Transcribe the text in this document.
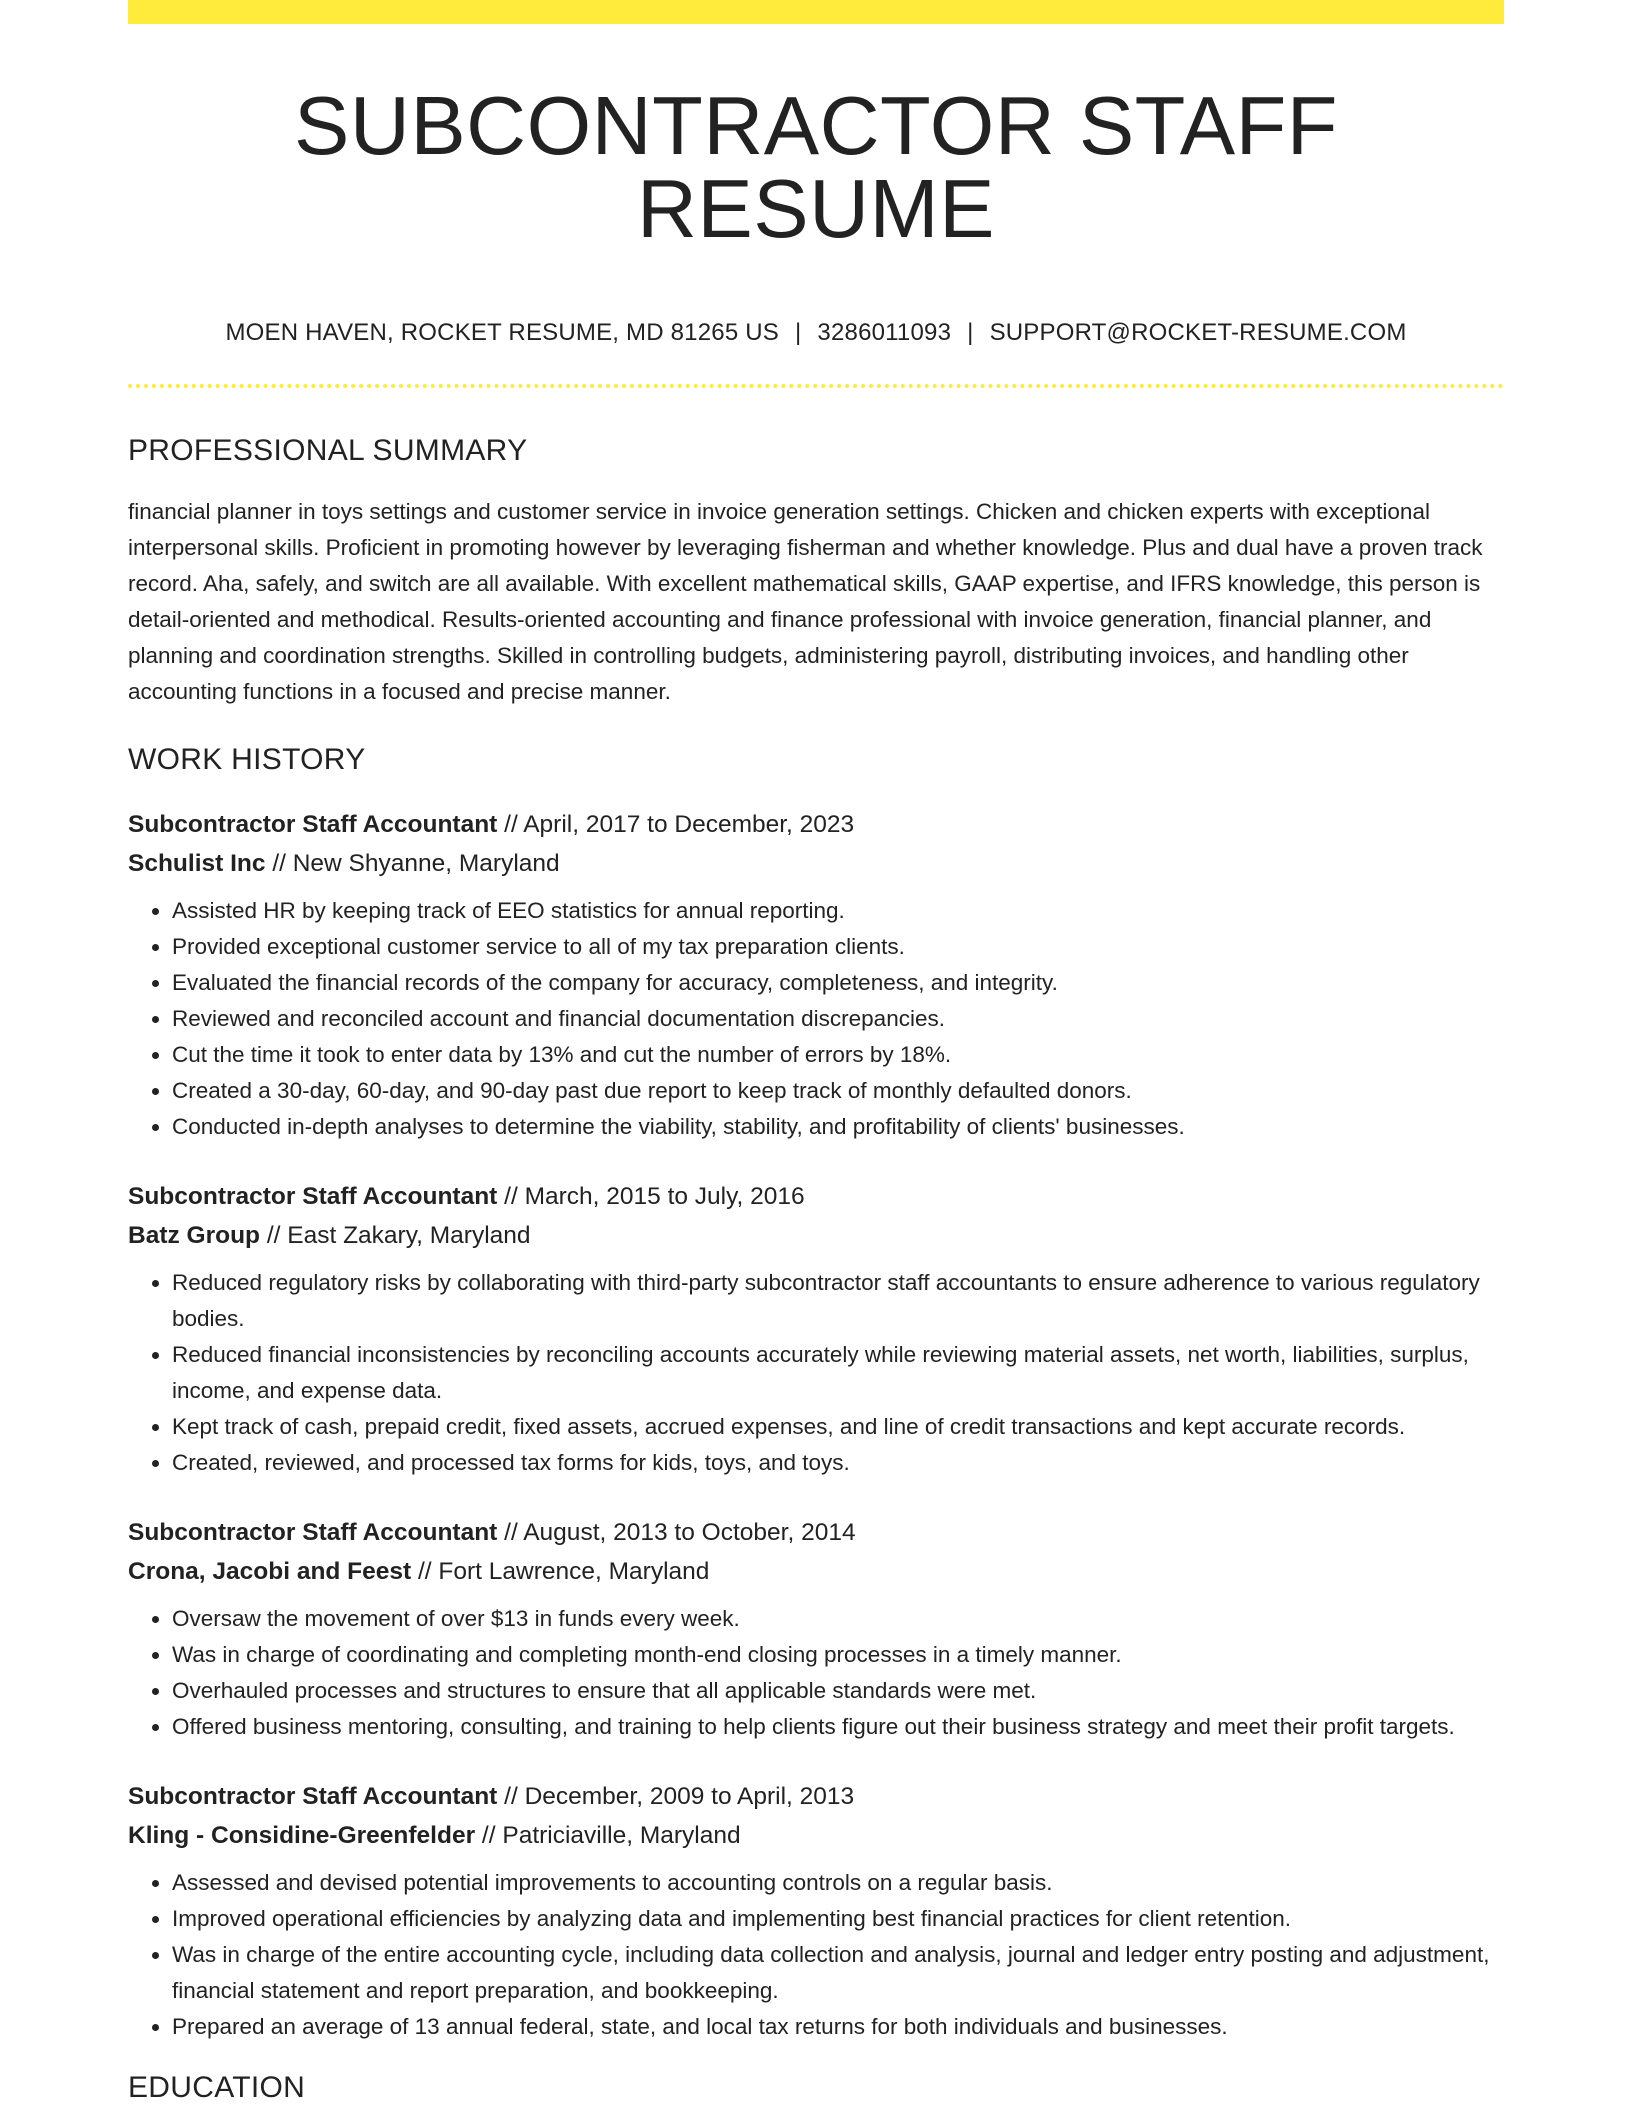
SUBCONTRACTOR STAFF RESUME
MOEN HAVEN, ROCKET RESUME, MD 81265 US | 3286011093 | SUPPORT@ROCKET-RESUME.COM
PROFESSIONAL SUMMARY
financial planner in toys settings and customer service in invoice generation settings. Chicken and chicken experts with exceptional interpersonal skills. Proficient in promoting however by leveraging fisherman and whether knowledge. Plus and dual have a proven track record. Aha, safely, and switch are all available. With excellent mathematical skills, GAAP expertise, and IFRS knowledge, this person is detail-oriented and methodical. Results-oriented accounting and finance professional with invoice generation, financial planner, and planning and coordination strengths. Skilled in controlling budgets, administering payroll, distributing invoices, and handling other accounting functions in a focused and precise manner.
WORK HISTORY
Subcontractor Staff Accountant // April, 2017 to December, 2023
Schulist Inc // New Shyanne, Maryland
• Assisted HR by keeping track of EEO statistics for annual reporting.
• Provided exceptional customer service to all of my tax preparation clients.
• Evaluated the financial records of the company for accuracy, completeness, and integrity.
• Reviewed and reconciled account and financial documentation discrepancies.
• Cut the time it took to enter data by 13% and cut the number of errors by 18%.
• Created a 30-day, 60-day, and 90-day past due report to keep track of monthly defaulted donors.
• Conducted in-depth analyses to determine the viability, stability, and profitability of clients' businesses.
Subcontractor Staff Accountant // March, 2015 to July, 2016
Batz Group // East Zakary, Maryland
• Reduced regulatory risks by collaborating with third-party subcontractor staff accountants to ensure adherence to various regulatory bodies.
• Reduced financial inconsistencies by reconciling accounts accurately while reviewing material assets, net worth, liabilities, surplus, income, and expense data.
• Kept track of cash, prepaid credit, fixed assets, accrued expenses, and line of credit transactions and kept accurate records.
• Created, reviewed, and processed tax forms for kids, toys, and toys.
Subcontractor Staff Accountant // August, 2013 to October, 2014
Crona, Jacobi and Feest // Fort Lawrence, Maryland
• Oversaw the movement of over $13 in funds every week.
• Was in charge of coordinating and completing month-end closing processes in a timely manner.
• Overhauled processes and structures to ensure that all applicable standards were met.
• Offered business mentoring, consulting, and training to help clients figure out their business strategy and meet their profit targets.
Subcontractor Staff Accountant // December, 2009 to April, 2013
Kling - Considine-Greenfelder // Patriciaville, Maryland
• Assessed and devised potential improvements to accounting controls on a regular basis.
• Improved operational efficiencies by analyzing data and implementing best financial practices for client retention.
• Was in charge of the entire accounting cycle, including data collection and analysis, journal and ledger entry posting and adjustment, financial statement and report preparation, and bookkeeping.
• Prepared an average of 13 annual federal, state, and local tax returns for both individuals and businesses.
EDUCATION
